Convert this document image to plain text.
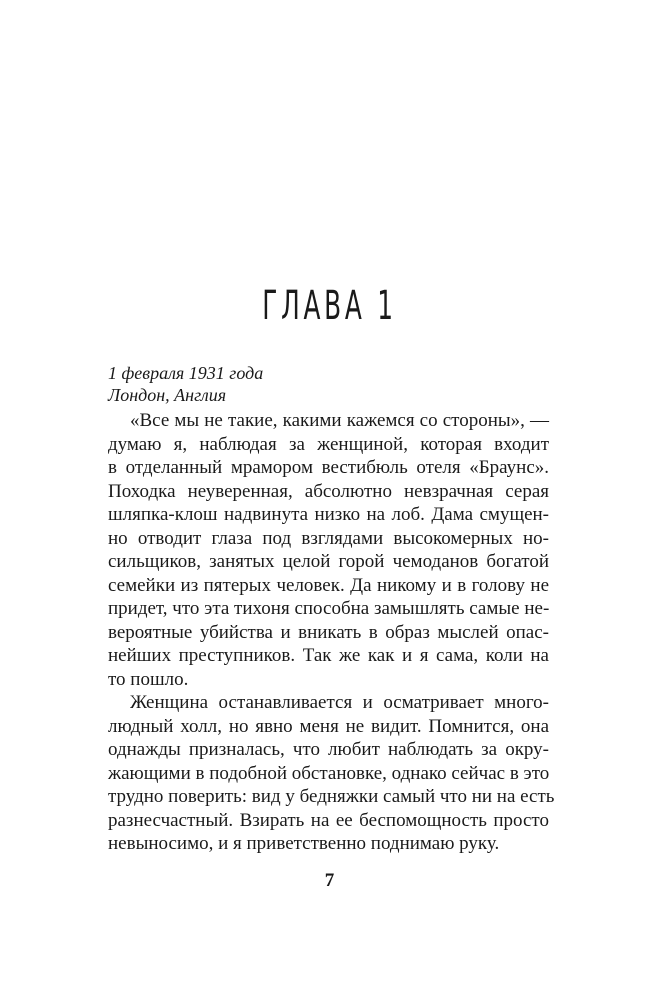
ГЛАВА 1
1 февраля 1931 года
Лондон, Англия
«Все мы не такие, какими кажемся со стороны», —
думаю я, наблюдая за женщиной, которая входит
в отделанный мрамором вестибюль отеля «Браунс».
Походка неуверенная, абсолютно невзрачная серая
шляпка-клош надвинута низко на лоб. Дама смущен-
но отводит глаза под взглядами высокомерных но-
сильщиков, занятых целой горой чемоданов богатой
семейки из пятерых человек. Да никому и в голову не
придет, что эта тихоня способна замышлять самые не-
вероятные убийства и вникать в образ мыслей опас-
нейших преступников. Так же как и я сама, коли на
то пошло.
Женщина останавливается и осматривает много-
людный холл, но явно меня не видит. Помнится, она
однажды призналась, что любит наблюдать за окру-
жающими в подобной обстановке, однако сейчас в это
трудно поверить: вид у бедняжки самый что ни на есть
разнесчастный. Взирать на ее беспомощность просто
невыносимо, и я приветственно поднимаю руку.
7
